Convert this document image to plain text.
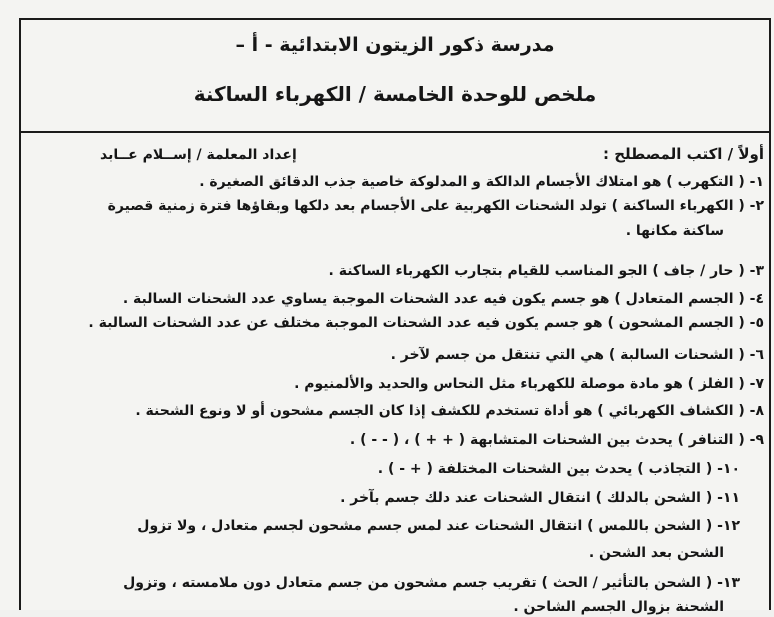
مدرسة ذكور الزيتون الابتدائية - أ –
ملخص للوحدة الخامسة / الكهرباء الساكنة
أولاً / اكتب المصطلح :
إعداد المعلمة / إســلام عــابد
١- ( التكهرب ) هو امتلاك الأجسام الدالكة و المدلوكة خاصية جذب الدقائق الصغيرة .
٢- ( الكهرباء الساكنة ) تولد الشحنات الكهربية على الأجسام بعد دلكها وبقاؤها فترة زمنية قصيرة
ساكنة مكانها .
٣- ( حار / جاف ) الجو المناسب للقيام بتجارب الكهرباء الساكنة .
٤- ( الجسم المتعادل ) هو جسم يكون فيه عدد الشحنات الموجبة يساوي عدد الشحنات السالبة .
٥- ( الجسم المشحون ) هو جسم يكون فيه عدد الشحنات الموجبة مختلف عن عدد الشحنات السالبة .
٦- ( الشحنات السالبة ) هي التي تنتقل من جسم لآخر .
٧- ( الفلز ) هو مادة موصلة للكهرباء مثل النحاس والحديد والألمنيوم .
٨- ( الكشاف الكهربائي ) هو أداة تستخدم للكشف إذا كان الجسم مشحون أو لا ونوع الشحنة .
٩- ( التنافر ) يحدث بين الشحنات المتشابهة ( + + ) ، ( - - ) .
١٠- ( التجاذب ) يحدث بين الشحنات المختلفة ( + - ) .
١١- ( الشحن بالدلك ) انتقال الشحنات عند دلك جسم بآخر .
١٢- ( الشحن باللمس ) انتقال الشحنات عند لمس جسم مشحون لجسم متعادل ، ولا تزول
الشحن بعد الشحن .
١٣- ( الشحن بالتأثير / الحث ) تقريب جسم مشحون من جسم متعادل دون ملامسته ، وتزول
الشحنة بزوال الجسم الشاحن .
